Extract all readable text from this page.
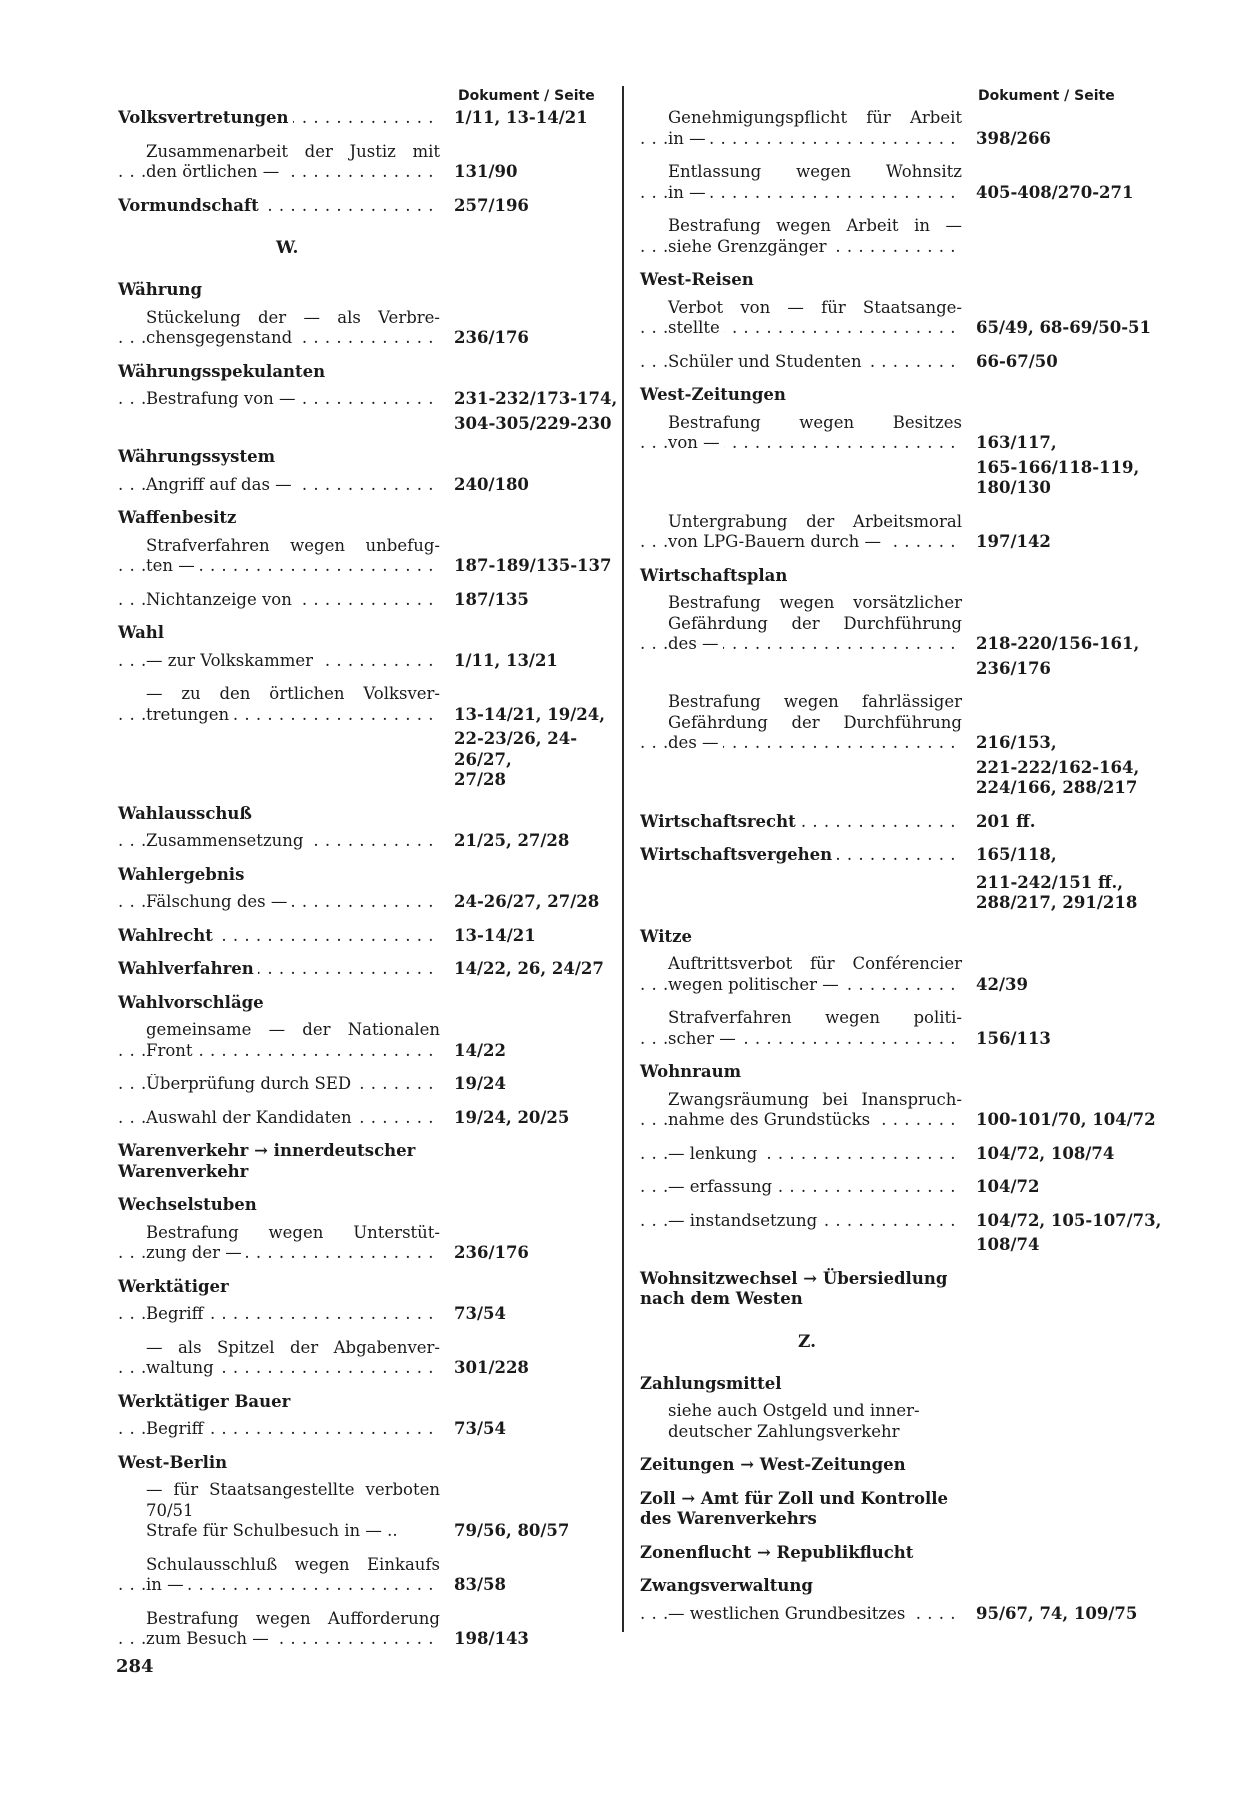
Dokument / Seite
Volksvertretungen . . .	1/11, 13-14/21
Zusammenarbeit der Justiz mit
den örtlichen — . . .	131/90
Vormundschaft . . .	257/196
W.
Währung
Stückelung der — als Verbre-
chensgegenstand . . .	236/176
Währungsspekulanten
Bestrafung von — . . .	231-232/173-174,
304-305/229-230
Währungssystem
Angriff auf das — . . .	240/180
Waffenbesitz
Strafverfahren wegen unbefug-
ten — . . .	187-189/135-137
Nichtanzeige von . . .	187/135
Wahl
— zur Volkskammer . . .	1/11, 13/21
— zu den örtlichen Volksver-
tretungen . . .	13-14/21, 19/24,
22-23/26, 24-26/27,
27/28
Wahlausschuß
Zusammensetzung . . .	21/25, 27/28
Wahlergebnis
Fälschung des — . . .	24-26/27, 27/28
Wahlrecht . . .	13-14/21
Wahlverfahren . . .	14/22, 26, 24/27
Wahlvorschläge
gemeinsame — der Nationalen
Front . . .	14/22
Überprüfung durch SED . . .	19/24
Auswahl der Kandidaten . . .	19/24, 20/25
Warenverkehr → innerdeutscher
Warenverkehr
Wechselstuben
Bestrafung wegen Unterstüt-
zung der — . . .	236/176
Werktätiger
Begriff . . .	73/54
— als Spitzel der Abgabenver-
waltung . . .	301/228
Werktätiger Bauer
Begriff . . .	73/54
West-Berlin
— für Staatsangestellte verboten 70/51
Strafe für Schulbesuch in — ..	79/56, 80/57
Schulausschluß wegen Einkaufs
in — . . .	83/58
Bestrafung wegen Aufforderung
zum Besuch — . . .	198/143
Dokument / Seite
Genehmigungspflicht für Arbeit
in — . . .	398/266
Entlassung wegen Wohnsitz
in — . . .	405-408/270-271
Bestrafung wegen Arbeit in —
siehe Grenzgänger . . .
West-Reisen
Verbot von — für Staatsange-
stellte . . .	65/49, 68-69/50-51
Schüler und Studenten . . .	66-67/50
West-Zeitungen
Bestrafung wegen Besitzes
von — . . .	163/117,
165-166/118-119,
180/130
Untergrabung der Arbeitsmoral
von LPG-Bauern durch — . . .	197/142
Wirtschaftsplan
Bestrafung wegen vorsätzlicher
Gefährdung der Durchführung
des — . . .	218-220/156-161,
236/176
Bestrafung wegen fahrlässiger
Gefährdung der Durchführung
des — . . .	216/153,
221-222/162-164,
224/166, 288/217
Wirtschaftsrecht . . .	201 ff.
Wirtschaftsvergehen . . .	165/118,
211-242/151 ff.,
288/217, 291/218
Witze
Auftrittsverbot für Conférencier
wegen politischer — . . .	42/39
Strafverfahren wegen politi-
scher — . . .	156/113
Wohnraum
Zwangsräumung bei Inanspruch-
nahme des Grundstücks . . .	100-101/70, 104/72
— lenkung . . .	104/72, 108/74
— erfassung . . .	104/72
— instandsetzung . . .	104/72, 105-107/73,
108/74
Wohnsitzwechsel → Übersiedlung
nach dem Westen
Z.
Zahlungsmittel
siehe auch Ostgeld und inner-
deutscher Zahlungsverkehr
Zeitungen → West-Zeitungen
Zoll → Amt für Zoll und Kontrolle
des Warenverkehrs
Zonenflucht → Republikflucht
Zwangsverwaltung
— westlichen Grundbesitzes . . .	95/67, 74, 109/75
284
